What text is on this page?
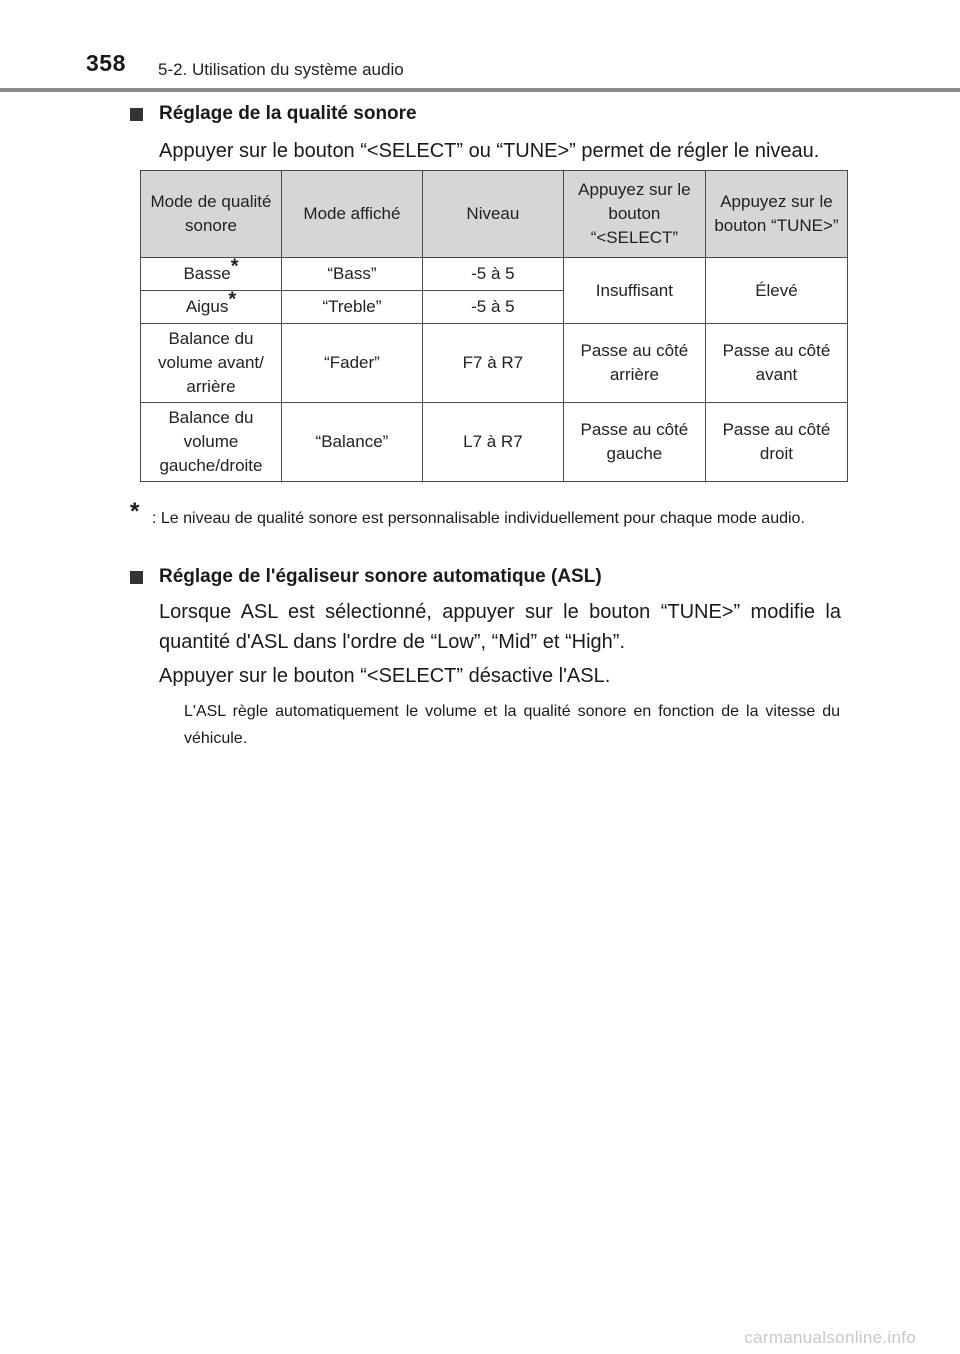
358 5-2. Utilisation du système audio
Réglage de la qualité sonore
Appuyer sur le bouton “<SELECT” ou “TUNE>” permet de régler le niveau.
Mode de qualité sonore	Mode affiché	Niveau	Appuyez sur le bouton “<SELECT”	Appuyez sur le bouton “TUNE>”
Basse*	“Bass”	-5 à 5	Insuffisant	Élevé
Aigus*	“Treble”	-5 à 5		
Balance du volume avant/ arrière	“Fader”	F7 à R7	Passe au côté arrière	Passe au côté avant
Balance du volume gauche/droite	“Balance”	L7 à R7	Passe au côté gauche	Passe au côté droit
* : Le niveau de qualité sonore est personnalisable individuellement pour chaque mode audio.
Réglage de l'égaliseur sonore automatique (ASL)
Lorsque ASL est sélectionné, appuyer sur le bouton “TUNE>” modifie la quantité d'ASL dans l'ordre de “Low”, “Mid” et “High”.
Appuyer sur le bouton “<SELECT” désactive l'ASL.
L'ASL règle automatiquement le volume et la qualité sonore en fonction de la vitesse du véhicule.
carmanualsonline.info
